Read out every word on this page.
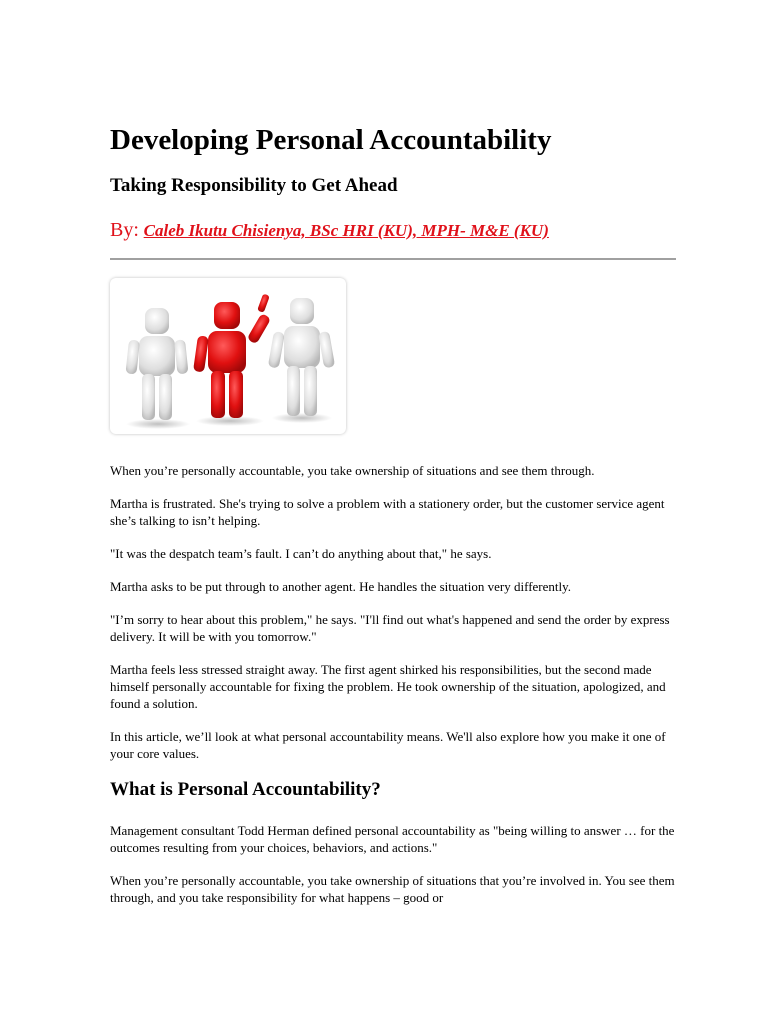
Developing Personal Accountability
Taking Responsibility to Get Ahead
By: Caleb Ikutu Chisienya, BSc HRI (KU), MPH- M&E (KU)

When you’re personally accountable, you take ownership of situations and see them through.

Martha is frustrated. She's trying to solve a problem with a stationery order, but the customer service agent she’s talking to isn’t helping.

"It was the despatch team’s fault. I can’t do anything about that," he says.

Martha asks to be put through to another agent. He handles the situation very differently.

"I’m sorry to hear about this problem," he says. "I'll find out what's happened and send the order by express delivery. It will be with you tomorrow."

Martha feels less stressed straight away. The first agent shirked his responsibilities, but the second made himself personally accountable for fixing the problem. He took ownership of the situation, apologized, and found a solution.

In this article, we’ll look at what personal accountability means. We'll also explore how you make it one of your core values.

What is Personal Accountability?

Management consultant Todd Herman defined personal accountability as "being willing to answer … for the outcomes resulting from your choices, behaviors, and actions."

When you’re personally accountable, you take ownership of situations that you’re involved in. You see them through, and you take responsibility for what happens – good or
